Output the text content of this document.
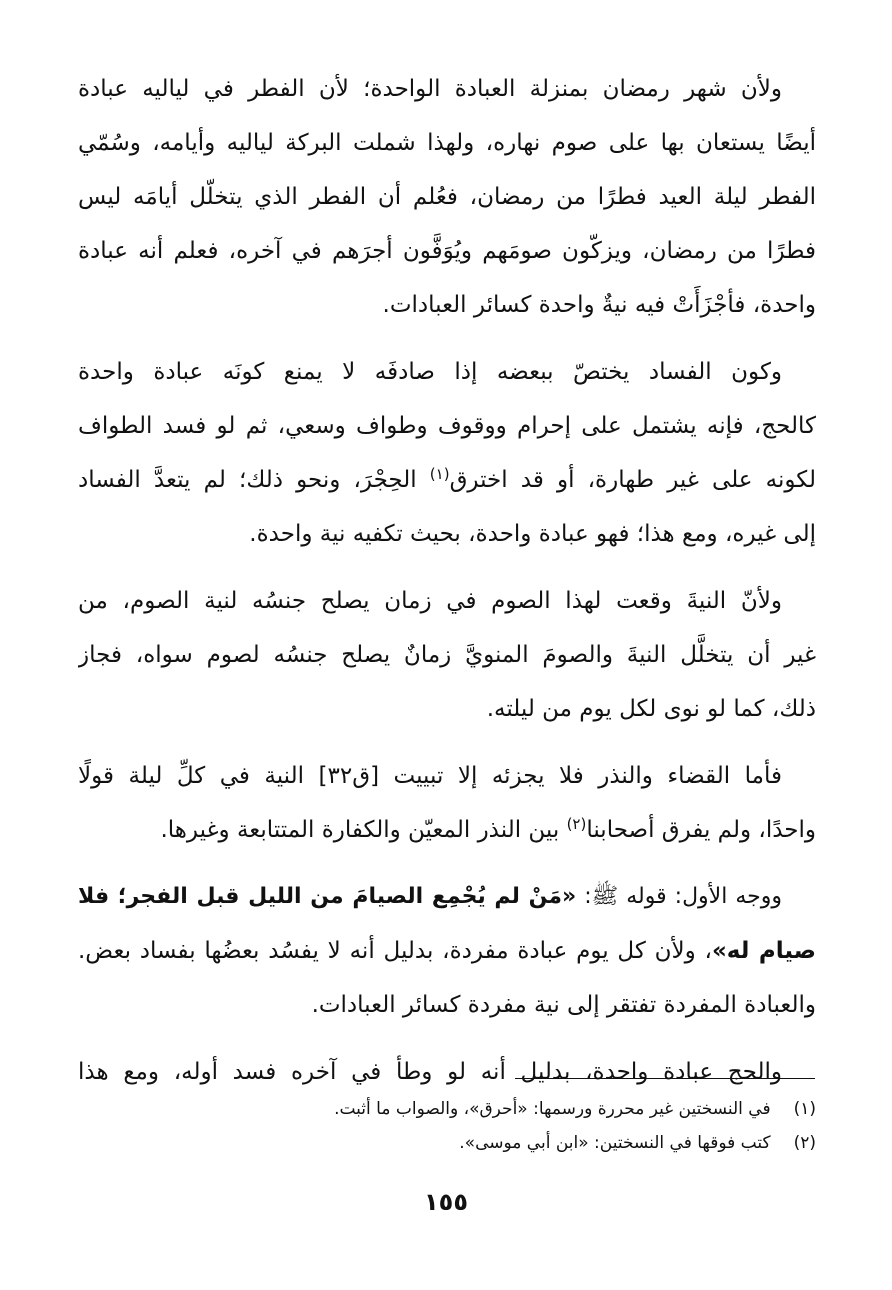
ولأن شهر رمضان بمنزلة العبادة الواحدة؛ لأن الفطر في لياليه عبادة
أيضًا يستعان بها على صوم نهاره، ولهذا شملت البركة لياليه وأيامه، وسُمّي
الفطر ليلة العيد فطرًا من رمضان، فعُلم أن الفطر الذي يتخلّل أيامَه ليس
فطرًا من رمضان، ويزكّون صومَهم ويُوَفَّون أجرَهم في آخره، فعلم أنه عبادة
واحدة، فأجْزَأَتْ فيه نيةٌ واحدة كسائر العبادات.
وكون الفساد يختصّ ببعضه إذا صادفَه لا يمنع كونَه عبادة واحدة
كالحج، فإنه يشتمل على إحرام ووقوف وطواف وسعي، ثم لو فسد الطواف
لكونه على غير طهارة، أو قد اخترق$^{(١)}$ الحِجْرَ، ونحو ذلك؛ لم يتعدَّ الفساد
إلى غيره، ومع هذا؛ فهو عبادة واحدة، بحيث تكفيه نية واحدة.
ولأنّ النيةَ وقعت لهذا الصوم في زمان يصلح جنسُه لنية الصوم، من
غير أن يتخلَّل النيةَ والصومَ المنويَّ زمانٌ يصلح جنسُه لصوم سواه، فجاز
ذلك، كما لو نوى لكل يوم من ليلته.
فأما القضاء والنذر فلا يجزئه إلا تبييت [ق٣٢] النية في كلِّ ليلة قولًا
واحدًا، ولم يفرق أصحابنا$^{(٢)}$ بين النذر المعيّن والكفارة المتتابعة وغيرها.
ووجه الأول: قوله ﷺ: «مَنْ لم يُجْمِع الصيامَ من الليل قبل الفجر؛ فلا
صيام له»، ولأن كل يوم عبادة مفردة، بدليل أنه لا يفسُد بعضُها بفساد بعض.
والعبادة المفردة تفتقر إلى نية مفردة كسائر العبادات.
والحج عبادة واحدة، بدليل أنه لو وطأ في آخره فسد أوله، ومع هذا
(١) في النسختين غير محررة ورسمها: «أحرق»، والصواب ما أثبت.
(٢) كتب فوقها في النسختين: «ابن أبي موسى».
١٥٥
